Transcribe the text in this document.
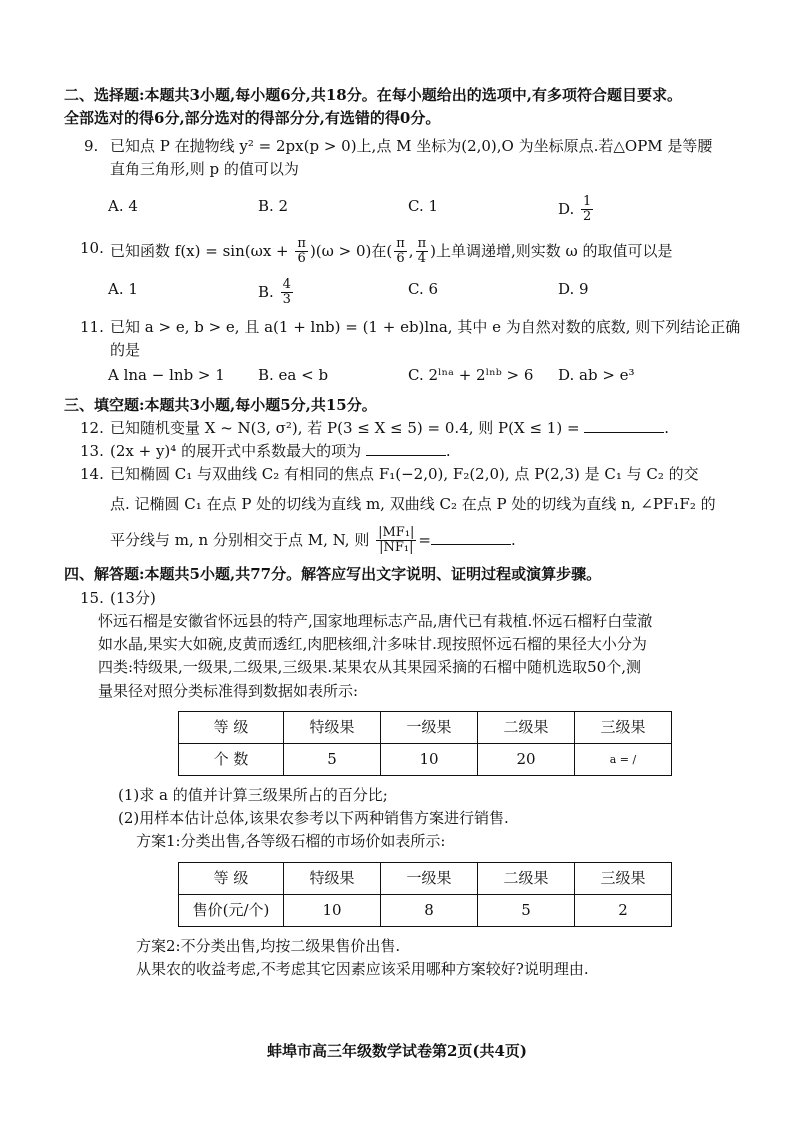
二、选择题:本题共3小题,每小题6分,共18分。在每小题给出的选项中,有多项符合题目要求。
全部选对的得6分,部分选对的得部分分,有选错的得0分。
9. 已知点 P 在抛物线 y² = 2px(p > 0)上,点 M 坐标为(2,0),O 为坐标原点.若△OPM 是等腰
直角三角形,则 p 的值可以为
A. 4	B. 2	C. 1	D. $\frac{1}{2}$
10. 已知函数 $f(x) = \sin(\omega x + \frac{\pi}{6} )(\omega > 0)$在( $\frac{\pi}{6}$ , $\frac{\pi}{4}$ )上单调递增,则实数 ω 的取值可以是
A. 1	B. $\frac{4}{3}$	C. 6	D. 9
11. 已知 a > e, b > e, 且 a(1 + lnb) = (1 + eb)lna, 其中 e 为自然对数的底数, 则下列结论正确
的是
A lna − lnb > 1	B. ea < b	C. 2ˡⁿᵃ + 2ˡⁿᵇ > 6	D. ab > e³
三、填空题:本题共3小题,每小题5分,共15分。
12. 已知随机变量 X ~ N(3, σ²), 若 P(3 ≤ X ≤ 5) = 0.4, 则 P(X ≤ 1) =	.
13. (2x + y)⁴ 的展开式中系数最大的项为	.
14. 已知椭圆 C₁ 与双曲线 C₂ 有相同的焦点 F₁(−2,0), F₂(2,0), 点 P(2,3) 是 C₁ 与 C₂ 的交
点. 记椭圆 C₁ 在点 P 处的切线为直线 m, 双曲线 C₂ 在点 P 处的切线为直线 n, ∠PF₁F₂ 的
平分线与 m, n 分别相交于点 M, N, 则 $\frac{\text{|MF₁|}}{\text{|NF₁|}}$ =	.
四、解答题:本题共5小题,共77分。解答应写出文字说明、证明过程或演算步骤。
15. (13分)
怀远石榴是安徽省怀远县的特产,国家地理标志产品,唐代已有栽植.怀远石榴籽白莹澈
如水晶,果实大如碗,皮黄而透红,肉肥核细,汁多味甘.现按照怀远石榴的果径大小分为
四类:特级果,一级果,二级果,三级果.某果农从其果园采摘的石榴中随机选取50个,测
量果径对照分类标准得到数据如表所示:
等 级	特级果	一级果	二级果	三级果
个 数	5	10	20	a = /
(1)求 a 的值并计算三级果所占的百分比;
(2)用样本估计总体,该果农参考以下两种销售方案进行销售.
方案1:分类出售,各等级石榴的市场价如表所示:
等 级	特级果	一级果	二级果	三级果
售价(元/个)	10	8	5	2
方案2:不分类出售,均按二级果售价出售.
从果农的收益考虑,不考虑其它因素应该采用哪种方案较好?说明理由.
蚌埠市高三年级数学试卷第2页(共4页)
